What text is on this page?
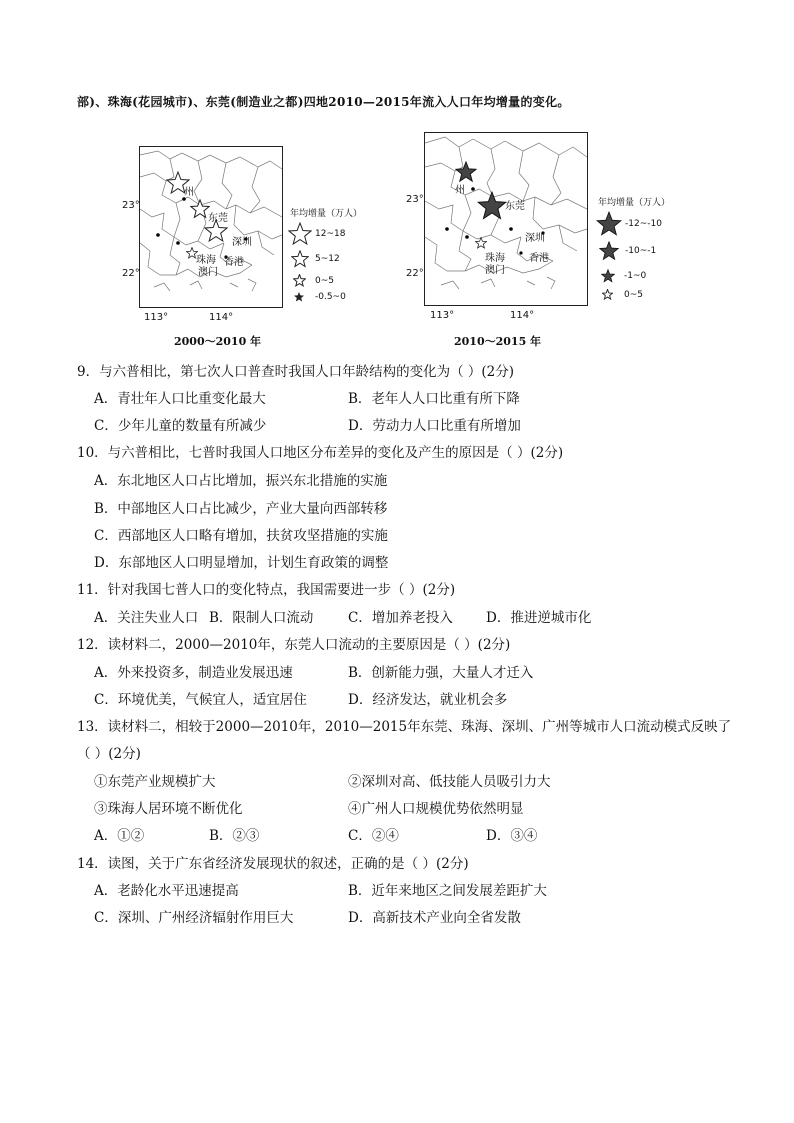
部)、珠海(花园城市)、东莞(制造业之都)四地2010—2015年流入人口年均增量的变化。
州
东莞
深圳
珠海
澳门
香港
23°
22°
113°	114°
年均增量（万人）
12~18
5~12
0~5
-0.5~0
2000～2010 年
州
东莞
深圳
珠海
澳门
香港
23°
22°
113°	114°
年均增量（万人）
-12~-10
-10~-1
-1~0
0~5
2010～2015 年
9．与六普相比，第七次人口普查时我国人口年龄结构的变化为（ ）(2分)
A．青壮年人口比重变化最大	B．老年人人口比重有所下降
C．少年儿童的数量有所减少	D．劳动力人口比重有所增加
10．与六普相比，七普时我国人口地区分布差异的变化及产生的原因是（ ）(2分)
A．东北地区人口占比增加，振兴东北措施的实施
B．中部地区人口占比减少，产业大量向西部转移
C．西部地区人口略有增加，扶贫攻坚措施的实施
D．东部地区人口明显增加，计划生育政策的调整
11．针对我国七普人口的变化特点，我国需要进一步（ ）(2分)
A．关注失业人口 B．限制人口流动	C．增加养老投入 D．推进逆城市化
12．读材料二，2000—2010年，东莞人口流动的主要原因是（ ）(2分)
A．外来投资多，制造业发展迅速	B．创新能力强，大量人才迁入
C．环境优美，气候宜人，适宜居住	D．经济发达，就业机会多
13．读材料二，相较于2000—2010年，2010—2015年东莞、珠海、深圳、广州等城市人口流动模式反映了
（ ）(2分)
①东莞产业规模扩大	②深圳对高、低技能人员吸引力大
③珠海人居环境不断优化	④广州人口规模优势依然明显
A．①②	B．②③	C．②④	D．③④
14．读图，关于广东省经济发展现状的叙述，正确的是（ ）(2分)
A．老龄化水平迅速提高	B．近年来地区之间发展差距扩大
C．深圳、广州经济辐射作用巨大	D．高新技术产业向全省发散
